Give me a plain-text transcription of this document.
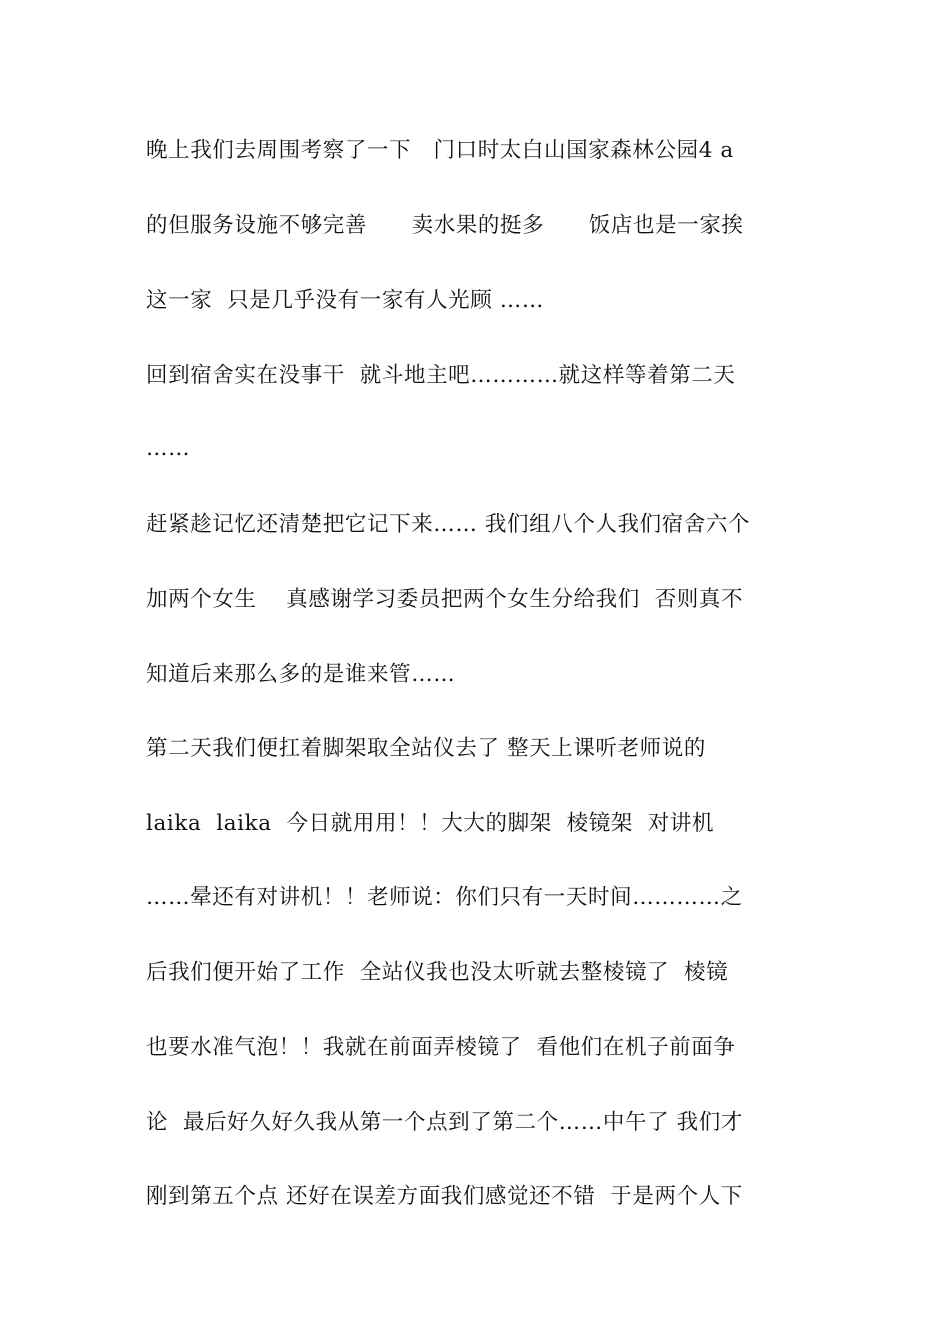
晚上我们去周围考察了一下   门口时太白山国家森林公园4 a
的但服务设施不够完善      卖水果的挺多      饭店也是一家挨
这一家  只是几乎没有一家有人光顾 ……
回到宿舍实在没事干  就斗地主吧…………就这样等着第二天
……
赶紧趁记忆还清楚把它记下来…… 我们组八个人我们宿舍六个
加两个女生    真感谢学习委员把两个女生分给我们  否则真不
知道后来那么多的是谁来管……
第二天我们便扛着脚架取全站仪去了 整天上课听老师说的
laika  laika  今日就用用！！大大的脚架  棱镜架  对讲机
……晕还有对讲机！！老师说：你们只有一天时间…………之
后我们便开始了工作  全站仪我也没太听就去整棱镜了  棱镜
也要水准气泡！！我就在前面弄棱镜了  看他们在机子前面争
论  最后好久好久我从第一个点到了第二个……中午了 我们才
刚到第五个点 还好在误差方面我们感觉还不错  于是两个人下
